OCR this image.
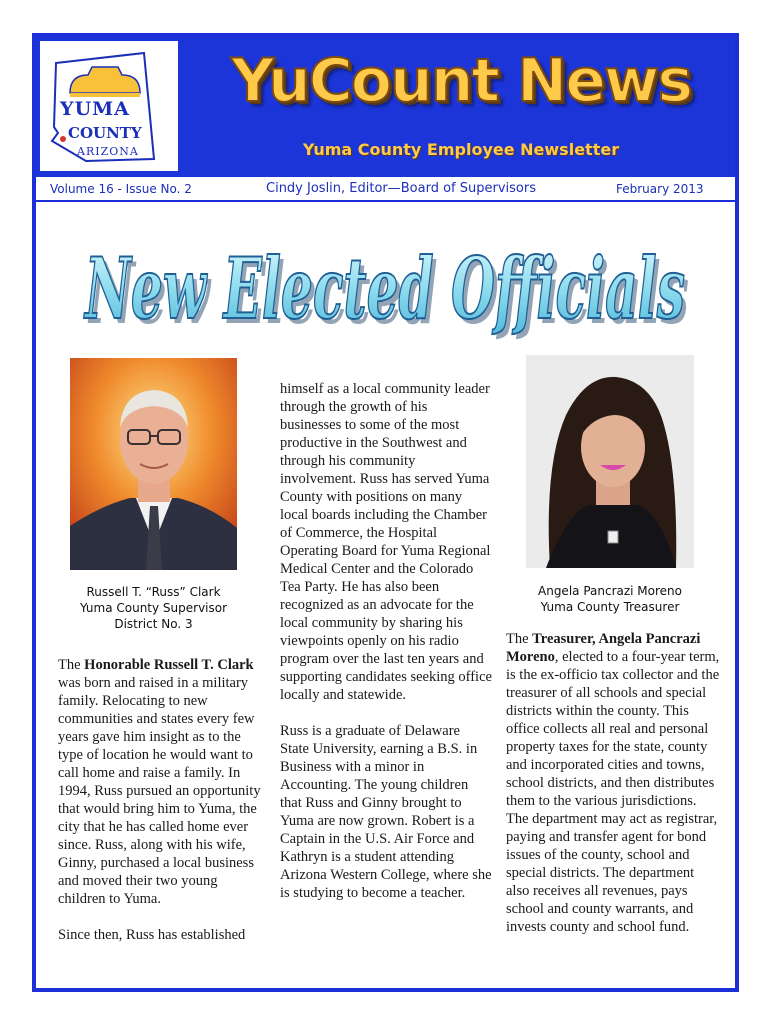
YUMA
COUNTY
ARIZONA
YuCount News
Yuma County Employee Newsletter
Volume 16 - Issue No. 2	Cindy Joslin, Editor—Board of Supervisors	February 2013
New Elected Officials
New Elected Officials
Russell T. “Russ” Clark
Yuma County Supervisor
District No. 3

The Honorable Russell T. Clark was born and raised in a military family. Relocating to new communities and states every few years gave him insight as to the type of location he would want to call home and raise a family. In 1994, Russ pursued an opportunity that would bring him to Yuma, the city that he has called home ever since. Russ, along with his wife, Ginny, purchased a local business and moved their two young children to Yuma.

Since then, Russ has established

himself as a local community leader through the growth of his businesses to some of the most productive in the Southwest and through his community involvement. Russ has served Yuma County with positions on many local boards including the Chamber of Commerce, the Hospital Operating Board for Yuma Regional Medical Center and the Colorado Tea Party. He has also been recognized as an advocate for the local community by sharing his viewpoints openly on his radio program over the last ten years and supporting candidates seeking office locally and statewide.

Russ is a graduate of Delaware State University, earning a B.S. in Business with a minor in Accounting. The young children that Russ and Ginny brought to Yuma are now grown. Robert is a Captain in the U.S. Air Force and Kathryn is a student attending Arizona Western College, where she is studying to become a teacher.

Angela Pancrazi Moreno
Yuma County Treasurer

The Treasurer, Angela Pancrazi Moreno, elected to a four-year term, is the ex-officio tax collector and the treasurer of all schools and special districts within the county. This office collects all real and personal property taxes for the state, county and incorporated cities and towns, school districts, and then distributes them to the various jurisdictions. The department may act as registrar, paying and transfer agent for bond issues of the county, school and special districts. The department also receives all revenues, pays school and county warrants, and invests county and school fund.
